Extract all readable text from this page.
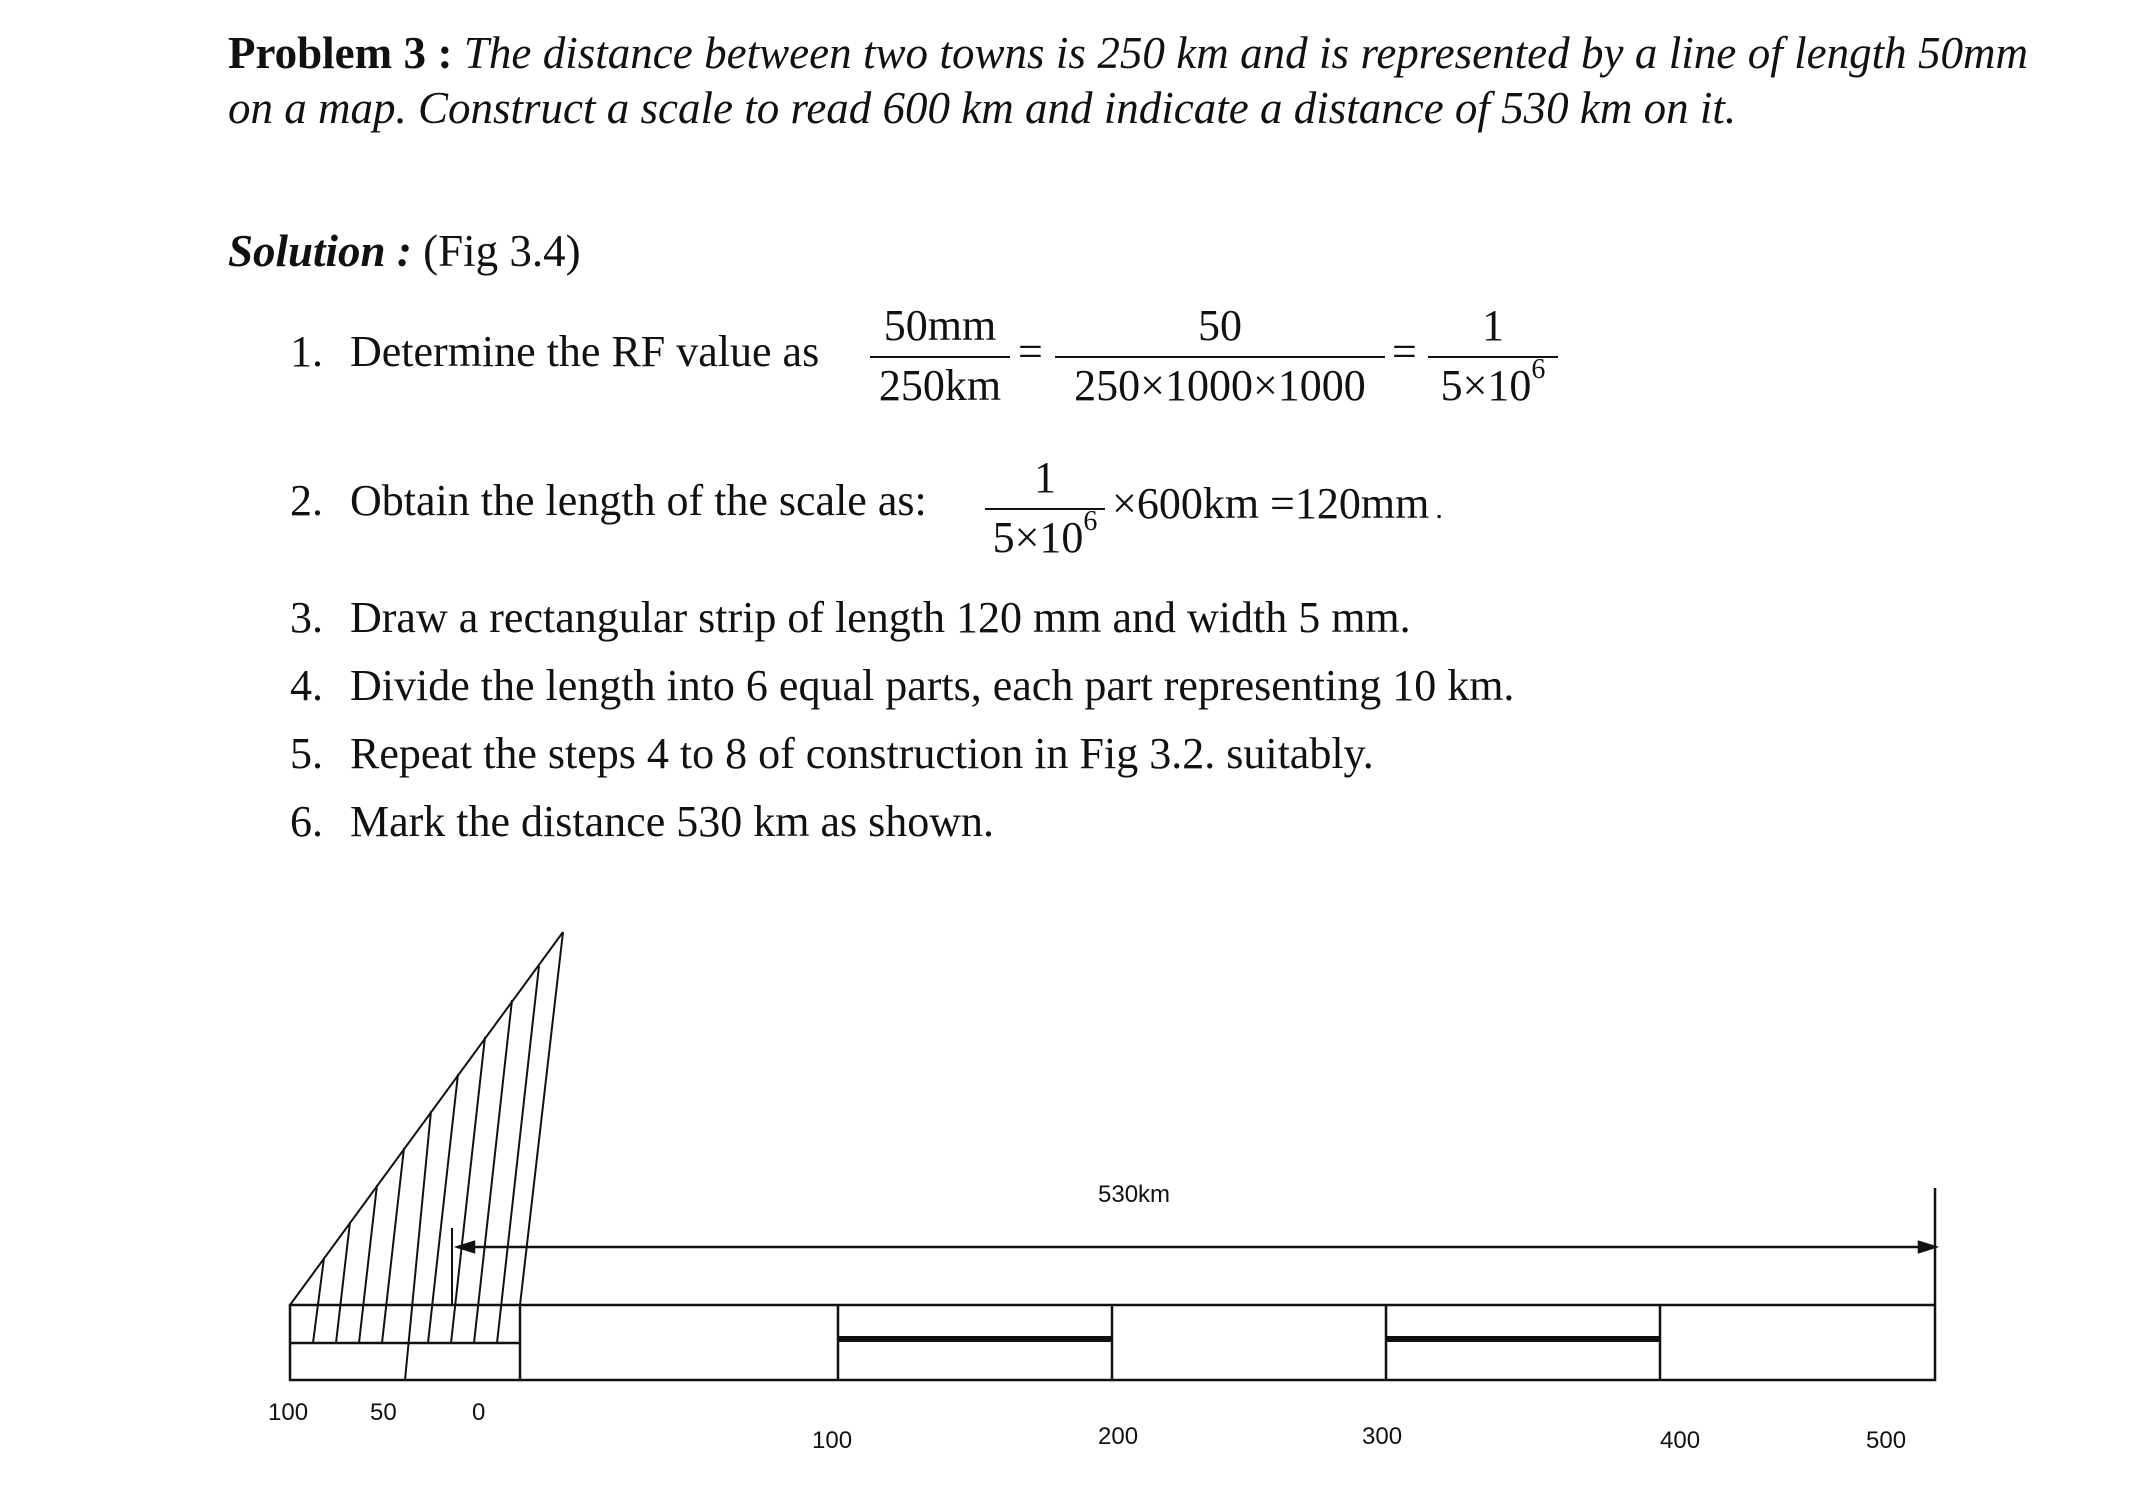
Problem 3 : The distance between two towns is 250 km and is represented by a line of length 50mm on a map. Construct a scale to read 600 km and indicate a distance of 530 km on it.
Solution : (Fig 3.4)
1. Determine the RF value as $\frac{50mm}{250km} = \frac{50}{250\times 1000\times 1000} = \frac{1}{5\times 10^6}$
2. Obtain the length of the scale as: $\frac{1}{5\times 10^6} \times 600km =120mm$ .
3. Draw a rectangular strip of length 120 mm and width 5 mm.
4. Divide the length into 6 equal parts, each part representing 10 km.
5. Repeat the steps 4 to 8 of construction in Fig 3.2. suitably.
6. Mark the distance 530 km as shown.
530km
100	50	0
100	200	300	400	500
